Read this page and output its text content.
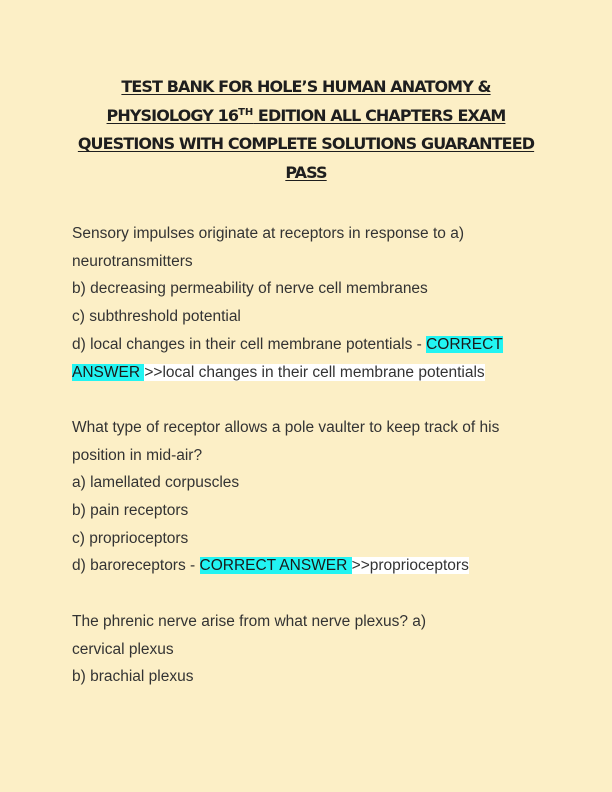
TEST BANK FOR HOLE’S HUMAN ANATOMY &
PHYSIOLOGY 16TH EDITION ALL CHAPTERS EXAM
QUESTIONS WITH COMPLETE SOLUTIONS GUARANTEED
PASS
Sensory impulses originate at receptors in response to a)
neurotransmitters
b) decreasing permeability of nerve cell membranes
c) subthreshold potential
d) local changes in their cell membrane potentials - CORRECT
ANSWER >>local changes in their cell membrane potentials
What type of receptor allows a pole vaulter to keep track of his
position in mid-air?
a) lamellated corpuscles
b) pain receptors
c) proprioceptors
d) baroreceptors - CORRECT ANSWER >>proprioceptors
The phrenic nerve arise from what nerve plexus? a)
cervical plexus
b) brachial plexus
